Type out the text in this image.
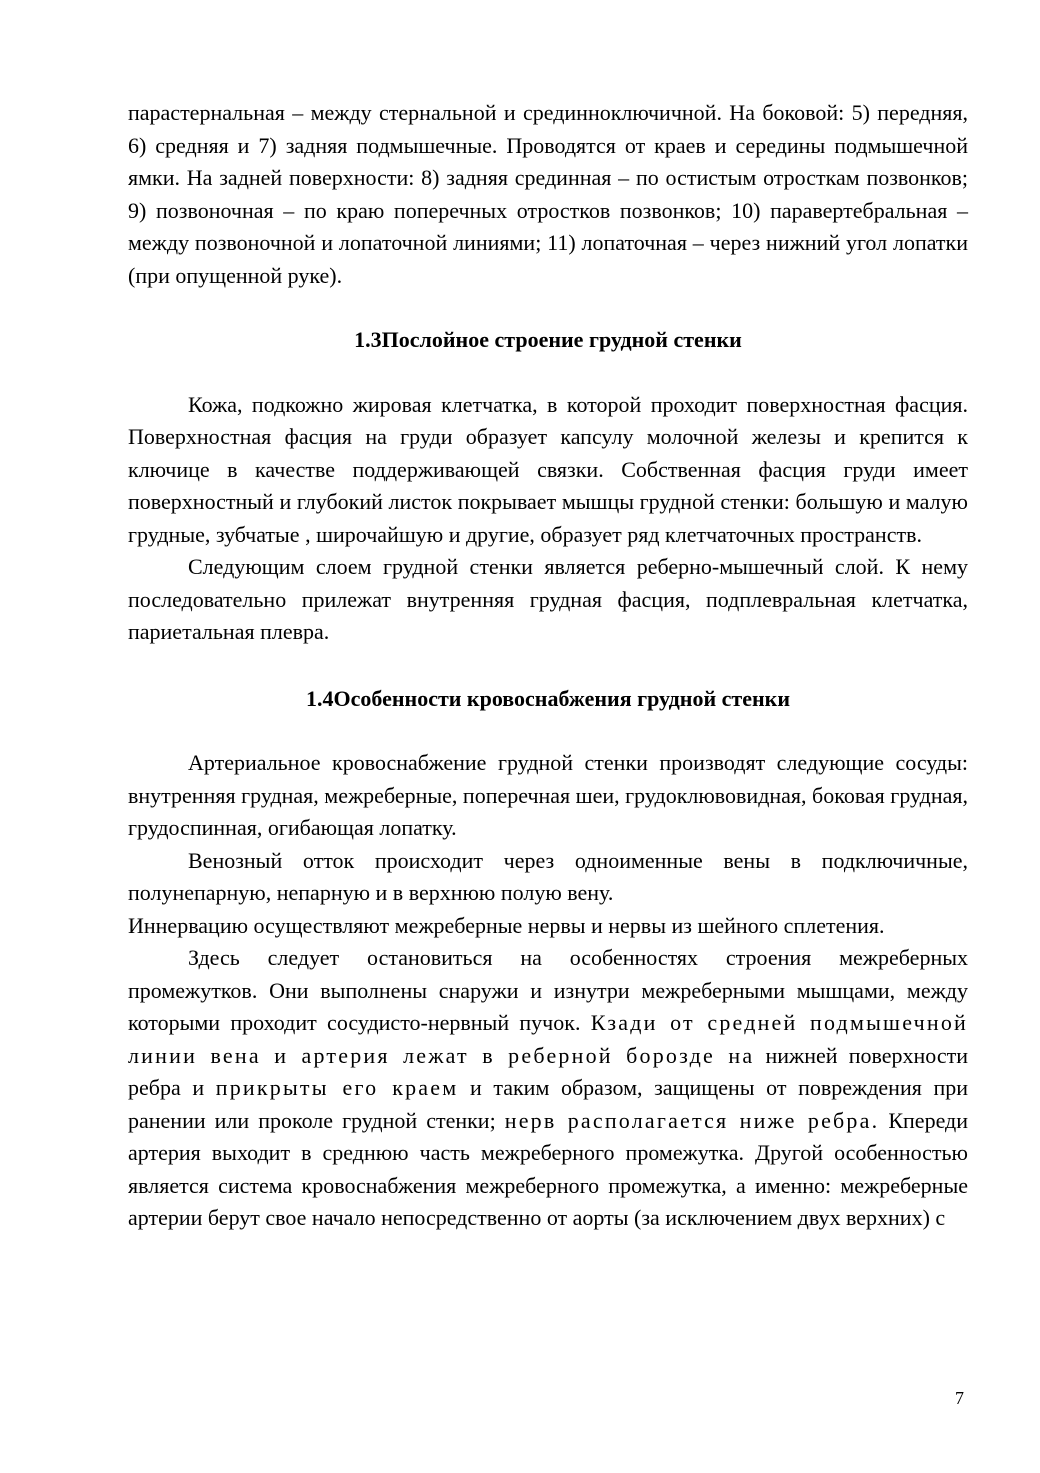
парастернальная – между стернальной и срединноключичной. На боковой: 5) передняя, 6) средняя и 7) задняя подмышечные. Проводятся от краев и середины подмышечной ямки. На задней поверхности: 8) задняя срединная – по остистым отросткам позвонков; 9) позвоночная – по краю поперечных отростков позвонков; 10) паравертебральная – между позвоночной и лопаточной линиями; 11) лопаточная – через нижний угол лопатки (при опущенной руке).

1.3Послойное строение грудной стенки

Кожа, подкожно жировая клетчатка, в которой проходит поверхностная фасция. Поверхностная фасция на груди образует капсулу молочной железы и крепится к ключице в качестве поддерживающей связки. Собственная фасция груди имеет поверхностный и глубокий листок покрывает мышцы грудной стенки: большую и малую грудные, зубчатые , широчайшую и другие, образует ряд клетчаточных пространств.

Следующим слоем грудной стенки является реберно-мышечный слой. К нему последовательно прилежат внутренняя грудная фасция, подплевральная клетчатка, париетальная плевра.

1.4Особенности кровоснабжения грудной стенки

Артериальное кровоснабжение грудной стенки производят следующие сосуды: внутренняя грудная, межреберные, поперечная шеи, грудоклювовидная, боковая грудная, грудоспинная, огибающая лопатку.

Венозный отток происходит через одноименные вены в подключичные, полунепарную, непарную и в верхнюю полую вену.

Иннервацию осуществляют межреберные нервы и нервы из шейного сплетения.

Здесь следует остановиться на особенностях строения межреберных промежутков. Они выполнены снаружи и изнутри межреберными мышцами, между которыми проходит сосудисто-нервный пучок. Кзади от средней подмышечной линии вена и артерия лежат в реберной борозде на нижней поверхности ребра и прикрыты его краем и таким образом, защищены от повреждения при ранении или проколе грудной стенки; нерв располагается ниже ребра. Кпереди артерия выходит в среднюю часть межреберного промежутка. Другой особенностью является система кровоснабжения межреберного промежутка, а именно: межреберные артерии берут свое начало непосредственно от аорты (за исключением двух верхних) с

7
